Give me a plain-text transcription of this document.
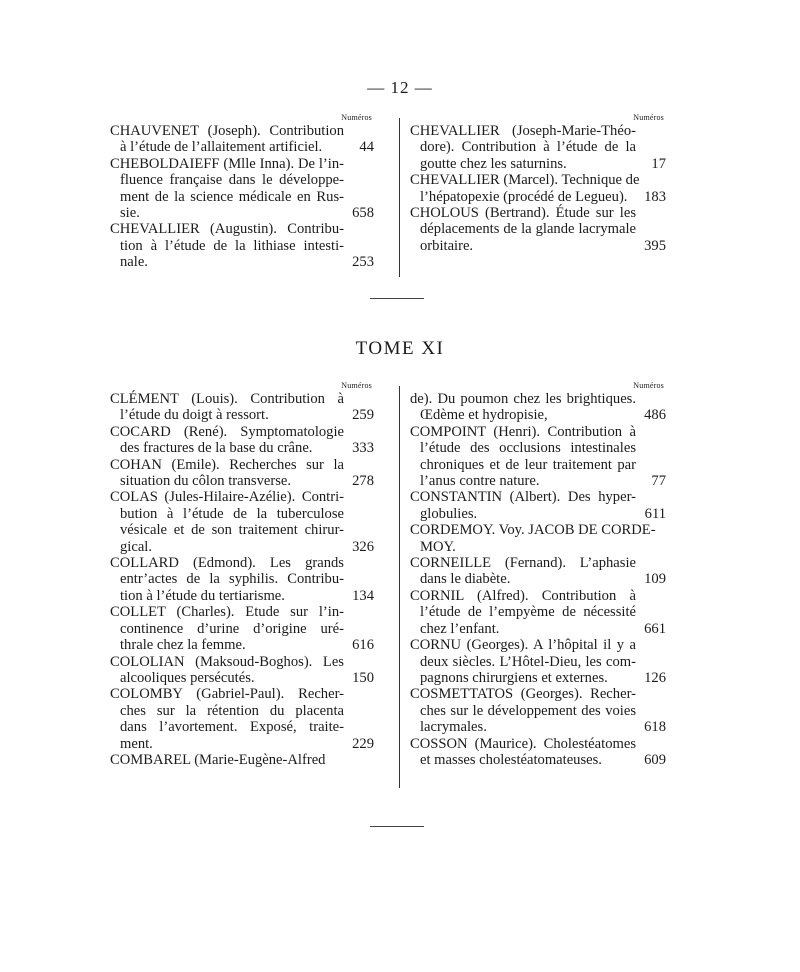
— 12 —
Numéros
CHAUVENET (Joseph). Contribution
à l’étude de l’allaitement artificiel.	44
CHEBOLDAIEFF (Mlle Inna). De l’in-
fluence française dans le développe-
ment de la science médicale en Rus-
sie.	658
CHEVALLIER (Augustin). Contribu-
tion à l’étude de la lithiase intesti-
nale.	253
Numéros
CHEVALLIER (Joseph-Marie-Théo-
dore). Contribution à l’étude de la
goutte chez les saturnins.	17
CHEVALLIER (Marcel). Technique de
l’hépatopexie (procédé de Legueu).	183
CHOLOUS (Bertrand). Étude sur les
déplacements de la glande lacrymale
orbitaire.	395
TOME XI
Numéros
CLÉMENT (Louis). Contribution à
l’étude du doigt à ressort.	259
COCARD (René). Symptomatologie
des fractures de la base du crâne.	333
COHAN (Emile). Recherches sur la
situation du côlon transverse.	278
COLAS (Jules-Hilaire-Azélie). Contri-
bution à l’étude de la tuberculose
vésicale et de son traitement chirur-
gical.	326
COLLARD (Edmond). Les grands
entr’actes de la syphilis. Contribu-
tion à l’étude du tertiarisme.	134
COLLET (Charles). Etude sur l’in-
continence d’urine d’origine uré-
thrale chez la femme.	616
COLOLIAN (Maksoud-Boghos). Les
alcooliques persécutés.	150
COLOMBY (Gabriel-Paul). Recher-
ches sur la rétention du placenta
dans l’avortement. Exposé, traite-
ment.	229
COMBAREL (Marie-Eugène-Alfred
Numéros
de). Du poumon chez les brightiques.
Œdème et hydropisie,	486
COMPOINT (Henri). Contribution à
l’étude des occlusions intestinales
chroniques et de leur traitement par
l’anus contre nature.	77
CONSTANTIN (Albert). Des hyper-
globulies.	611
CORDEMOY. Voy. JACOB DE CORDE-
MOY.
CORNEILLE (Fernand). L’aphasie
dans le diabète.	109
CORNIL (Alfred). Contribution à
l’étude de l’empyème de nécessité
chez l’enfant.	661
CORNU (Georges). A l’hôpital il y a
deux siècles. L’Hôtel-Dieu, les com-
pagnons chirurgiens et externes.	126
COSMETTATOS (Georges). Recher-
ches sur le développement des voies
lacrymales.	618
COSSON (Maurice). Cholestéatomes
et masses cholestéatomateuses.	609
